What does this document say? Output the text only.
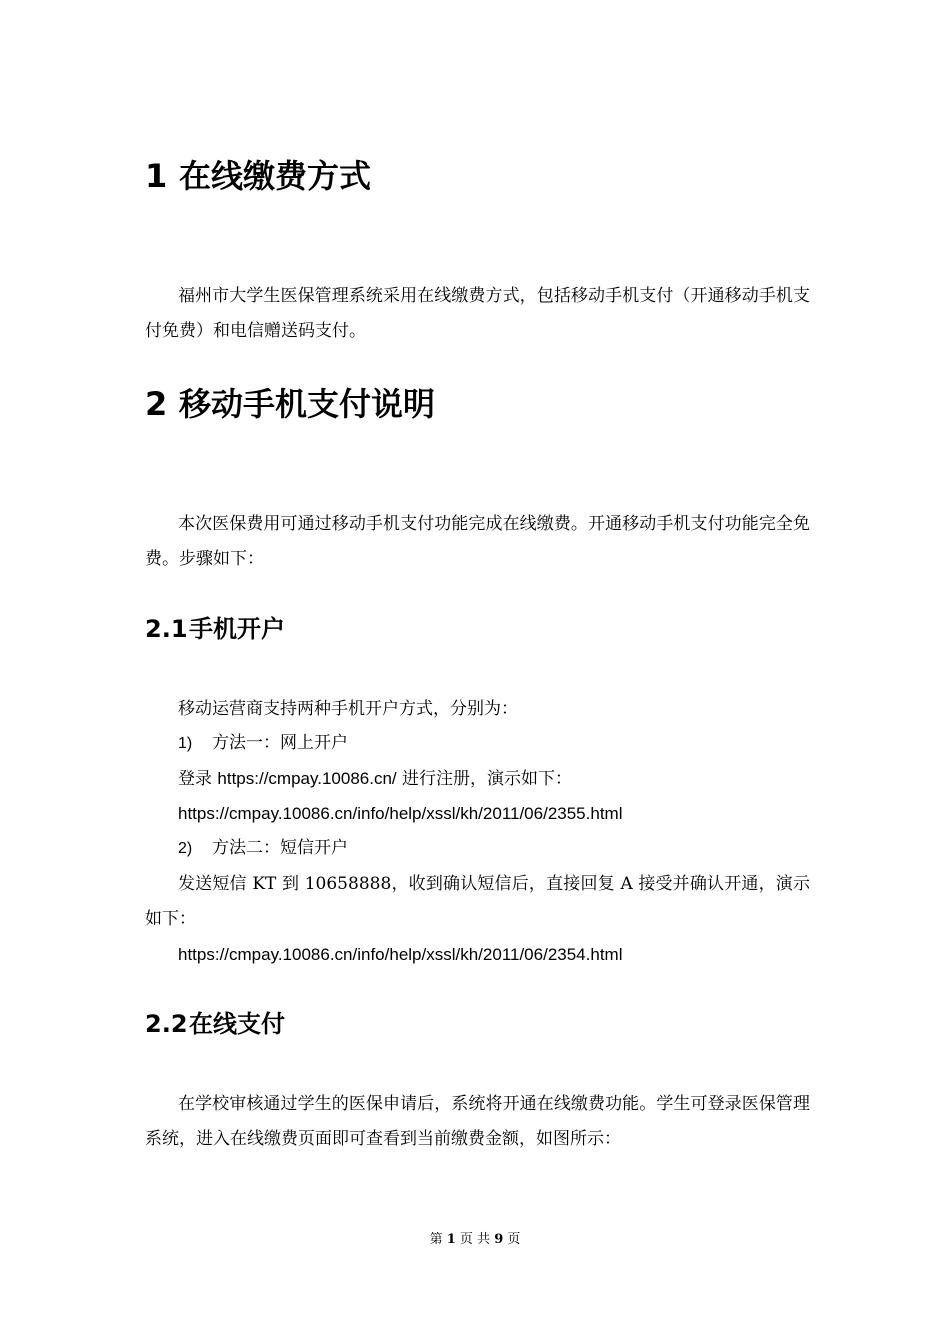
1 在线缴费方式
福州市大学生医保管理系统采用在线缴费方式，包括移动手机支付（开通移动手机支付免费）和电信赠送码支付。
2 移动手机支付说明
本次医保费用可通过移动手机支付功能完成在线缴费。开通移动手机支付功能完全免费。步骤如下：
2.1手机开户
移动运营商支持两种手机开户方式，分别为：
1) 方法一：网上开户
登录 https://cmpay.10086.cn/ 进行注册，演示如下：
https://cmpay.10086.cn/info/help/xssl/kh/2011/06/2355.html
2) 方法二：短信开户
发送短信 KT 到 10658888，收到确认短信后，直接回复 A 接受并确认开通，演示如下：
https://cmpay.10086.cn/info/help/xssl/kh/2011/06/2354.html
2.2在线支付
在学校审核通过学生的医保申请后，系统将开通在线缴费功能。学生可登录医保管理系统，进入在线缴费页面即可查看到当前缴费金额，如图所示：
第 1 页 共 9 页
